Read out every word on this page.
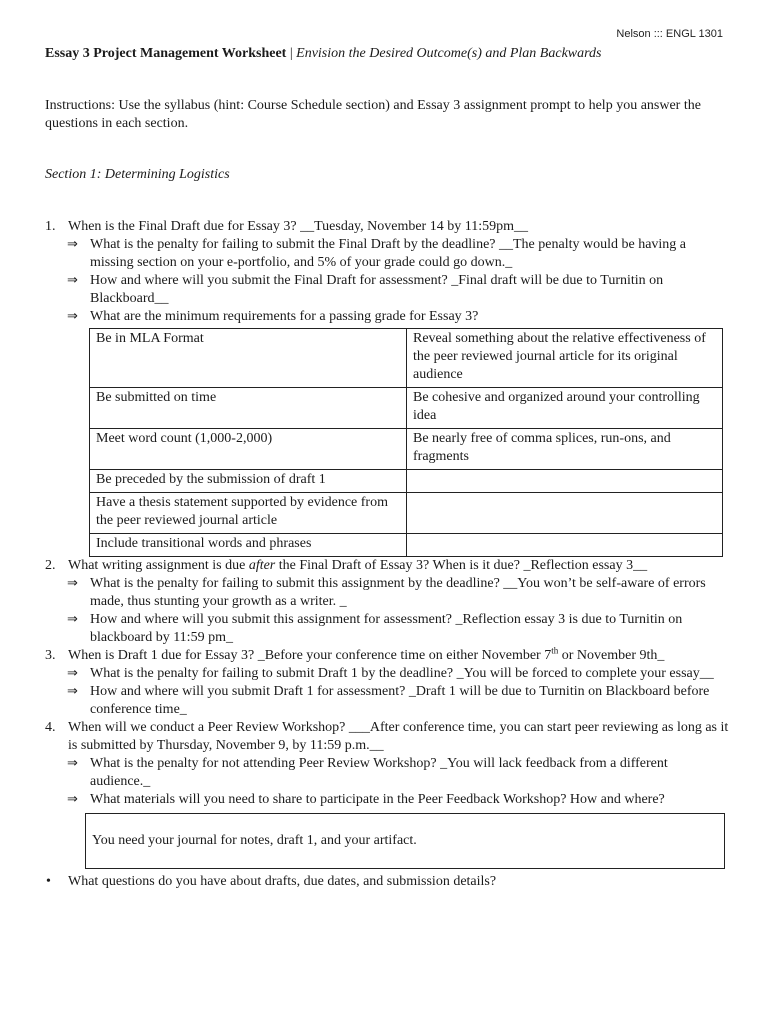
Nelson ::: ENGL 1301
Essay 3 Project Management Worksheet | Envision the Desired Outcome(s) and Plan Backwards
Instructions: Use the syllabus (hint: Course Schedule section) and Essay 3 assignment prompt to help you answer the questions in each section.
Section 1: Determining Logistics
1. When is the Final Draft due for Essay 3? __Tuesday, November 14 by 11:59pm__
⇒ What is the penalty for failing to submit the Final Draft by the deadline? __The penalty would be having a missing section on your e-portfolio, and 5% of your grade could go down._
⇒ How and where will you submit the Final Draft for assessment? _Final draft will be due to Turnitin on Blackboard__
⇒ What are the minimum requirements for a passing grade for Essay 3?
Be in MLA Format	Reveal something about the relative effectiveness of the peer reviewed journal article for its original audience
Be submitted on time	Be cohesive and organized around your controlling idea
Meet word count (1,000-2,000)	Be nearly free of comma splices, run-ons, and fragments
Be preceded by the submission of draft 1	
Have a thesis statement supported by evidence from the peer reviewed journal article	
Include transitional words and phrases	
2. What writing assignment is due after the Final Draft of Essay 3? When is it due? _Reflection essay 3__
⇒ What is the penalty for failing to submit this assignment by the deadline? __You won’t be self-aware of errors made, thus stunting your growth as a writer. _
⇒ How and where will you submit this assignment for assessment? _Reflection essay 3 is due to Turnitin on blackboard by 11:59 pm_
3. When is Draft 1 due for Essay 3? _Before your conference time on either November 7th or November 9th_
⇒ What is the penalty for failing to submit Draft 1 by the deadline? _You will be forced to complete your essay__
⇒ How and where will you submit Draft 1 for assessment? _Draft 1 will be due to Turnitin on Blackboard before conference time_
4. When will we conduct a Peer Review Workshop? ___After conference time, you can start peer reviewing as long as it is submitted by Thursday, November 9, by 11:59 p.m.__
⇒ What is the penalty for not attending Peer Review Workshop? _You will lack feedback from a different audience._
⇒ What materials will you need to share to participate in the Peer Feedback Workshop? How and where?
You need your journal for notes, draft 1, and your artifact.
• What questions do you have about drafts, due dates, and submission details?
